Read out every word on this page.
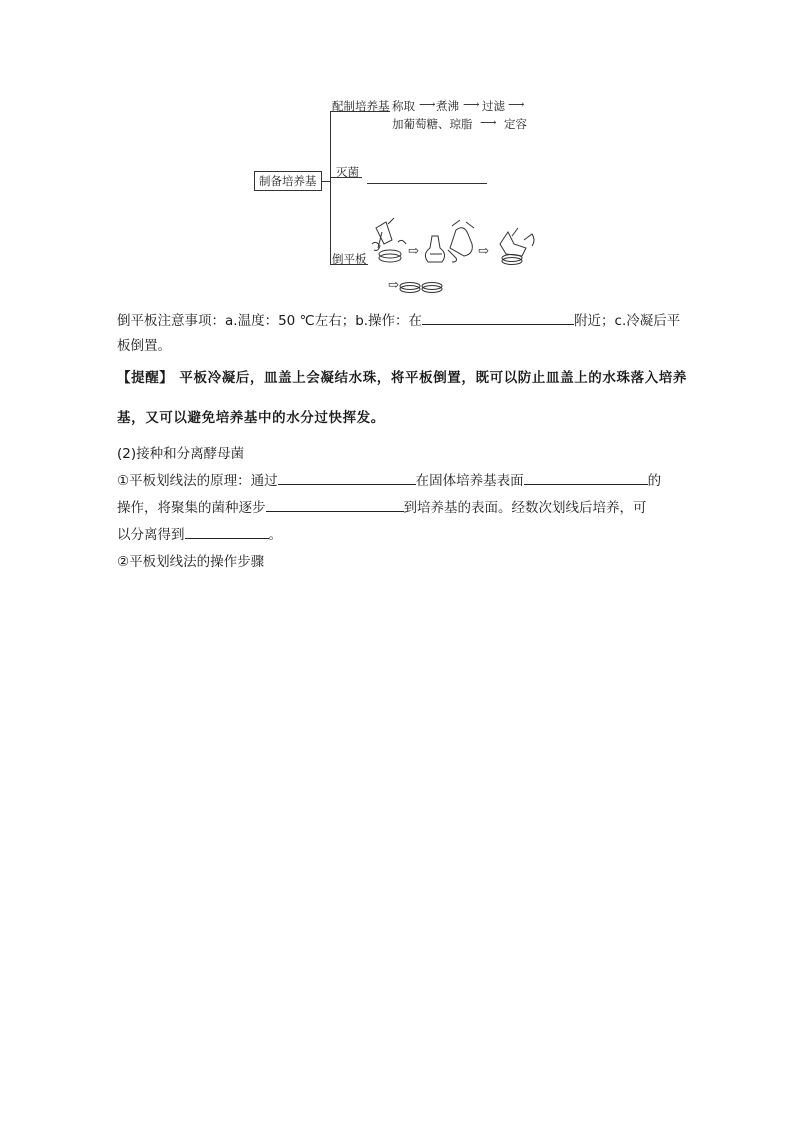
制备培养基
配制培养基 称取 ⟶ 煮沸 ⟶ 过滤 ⟶
加葡萄糖、琼脂 ⟶ 定容
灭菌
倒平板	⇨	⇨
⇨
倒平板注意事项：a.温度：50 ℃左右；b.操作：在	附近；c.冷凝后平
板倒置。
【提醒】 平板冷凝后，皿盖上会凝结水珠，将平板倒置，既可以防止皿盖上的水珠落入培养
基，又可以避免培养基中的水分过快挥发。
(2)接种和分离酵母菌
①平板划线法的原理：通过	在固体培养基表面	的
操作，将聚集的菌种逐步	到培养基的表面。经数次划线后培养，可
以分离得到	。
②平板划线法的操作步骤
